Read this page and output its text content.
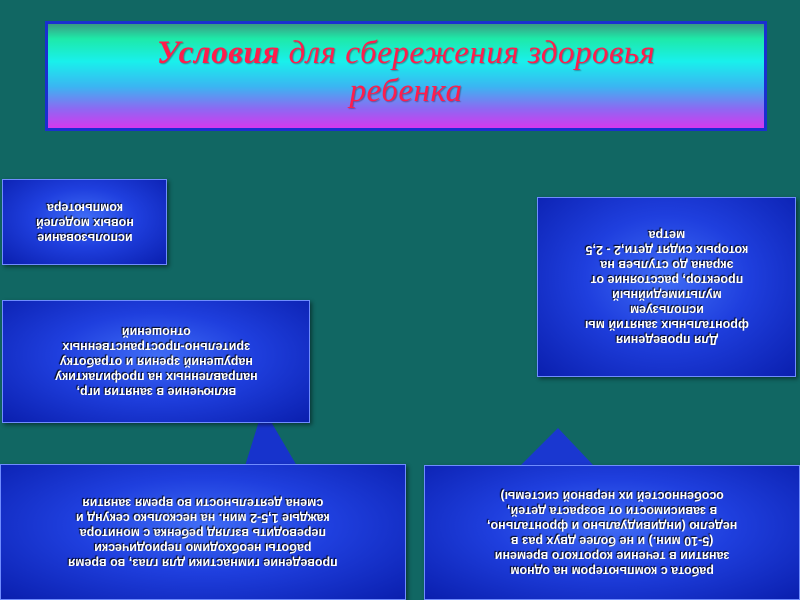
Условия для сбережения здоровья
ребенка
использование
новых моделей
компьютера
включение в занятия игр,
направленных на профилактику
нарушений зрения и отработку
зрительно-пространственных
отношений
проведение гимнастики для глаз, во время
работы необходимо периодически
переводить взгляд ребенка с монитора
каждые 1,5-2 мин. на несколько секунд и
смена деятельности во время занятия
Для проведения
фронтальных занятий мы
используем
мультимедийный
проектор, расстояние от
экрана до стульев на
которых сидят дети,2 - 2,5
метра
работа с компьютером на одном
занятии в течение короткого времени
(5-10 мин.) и не более двух раз в
неделю (индивидуально и фронтально,
в зависимости от возраста детей,
особенностей их нервной системы)
